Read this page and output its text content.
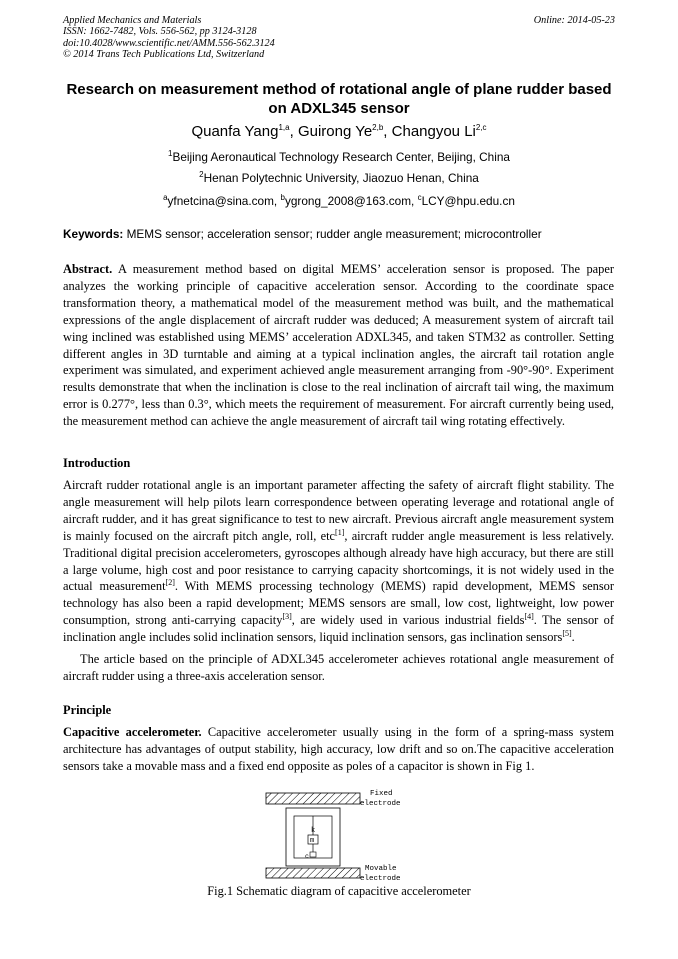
Applied Mechanics and Materials
ISSN: 1662-7482, Vols. 556-562, pp 3124-3128
doi:10.4028/www.scientific.net/AMM.556-562.3124
© 2014 Trans Tech Publications Ltd, Switzerland
Online: 2014-05-23
Research on measurement method of rotational angle of plane rudder based on ADXL345 sensor
Quanfa Yang$^{1,a}$, Guirong Ye$^{2,b}$, Changyou Li$^{2,c}$
$^1$Beijing Aeronautical Technology Research Center, Beijing, China
$^2$Henan Polytechnic University, Jiaozuo Henan, China
$^a$yfnetcina@sina.com, $^b$ygrong_2008@163.com, $^c$LCY@hpu.edu.cn
Keywords: MEMS sensor; acceleration sensor; rudder angle measurement; microcontroller

Abstract. A measurement method based on digital MEMS’ acceleration sensor is proposed. The paper analyzes the working principle of capacitive acceleration sensor. According to the coordinate space transformation theory, a mathematical model of the measurement method was built, and the mathematical expressions of the angle displacement of aircraft rudder was deduced; A measurement system of aircraft tail wing inclined was established using MEMS’ acceleration ADXL345, and taken STM32 as controller. Setting different angles in 3D turntable and aiming at a typical inclination angles, the aircraft tail rotation angle experiment was simulated, and experiment achieved angle measurement arranging from -90°-90°. Experiment results demonstrate that when the inclination is close to the real inclination of aircraft tail wing, the maximum error is 0.277°, less than 0.3°, which meets the requirement of measurement. For aircraft currently being used, the measurement method can achieve the angle measurement of aircraft tail wing rotating effectively.

Introduction

Aircraft rudder rotational angle is an important parameter affecting the safety of aircraft flight stability. The angle measurement will help pilots learn correspondence between operating leverage and rotational angle of aircraft rudder, and it has great significance to test to new aircraft. Previous aircraft angle measurement system is mainly focused on the aircraft pitch angle, roll, etc[1], aircraft rudder angle measurement is less relatively. Traditional digital precision accelerometers, gyroscopes although already have high accuracy, but there are still a large volume, high cost and poor resistance to carrying capacity shortcomings, it is not widely used in the actual measurement[2]. With MEMS processing technology (MEMS) rapid development, MEMS sensor technology has also been a rapid development; MEMS sensors are small, low cost, lightweight, low power consumption, strong anti-carrying capacity[3], are widely used in various industrial fields[4]. The sensor of inclination angle includes solid inclination sensors, liquid inclination sensors, gas inclination sensors[5].

The article based on the principle of ADXL345 accelerometer achieves rotational angle measurement of aircraft rudder using a three-axis acceleration sensor.

Principle

Capacitive accelerometer. Capacitive accelerometer usually using in the form of a spring-mass system architecture has advantages of output stability, high accuracy, low drift and so on.The capacitive acceleration sensors take a movable mass and a fixed end opposite as poles of a capacitor is shown in Fig 1.

k
m
c
Fixed
electrode
Movable
electrode
Fig.1 Schematic diagram of capacitive accelerometer
